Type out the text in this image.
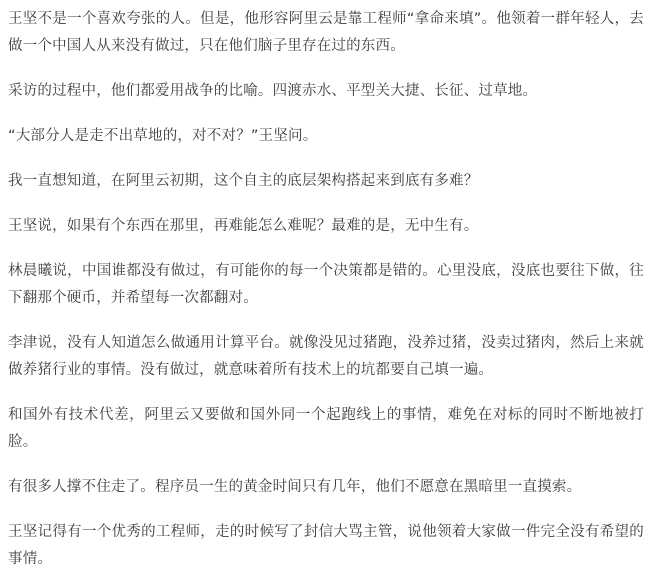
王坚不是一个喜欢夸张的人。但是，他形容阿里云是靠工程师“拿命来填”。他领着一群年轻人，去做一个中国人从来没有做过，只在他们脑子里存在过的东西。

采访的过程中，他们都爱用战争的比喻。四渡赤水、平型关大捷、长征、过草地。

“大部分人是走不出草地的，对不对？”王坚问。

我一直想知道，在阿里云初期，这个自主的底层架构搭起来到底有多难？

王坚说，如果有个东西在那里，再难能怎么难呢？最难的是，无中生有。

林晨曦说，中国谁都没有做过，有可能你的每一个决策都是错的。心里没底，没底也要往下做，往下翻那个硬币，并希望每一次都翻对。

李津说，没有人知道怎么做通用计算平台。就像没见过猪跑，没养过猪，没卖过猪肉，然后上来就做养猪行业的事情。没有做过，就意味着所有技术上的坑都要自己填一遍。

和国外有技术代差，阿里云又要做和国外同一个起跑线上的事情，难免在对标的同时不断地被打脸。

有很多人撑不住走了。程序员一生的黄金时间只有几年，他们不愿意在黑暗里一直摸索。

王坚记得有一个优秀的工程师，走的时候写了封信大骂主管，说他领着大家做一件完全没有希望的事情。
